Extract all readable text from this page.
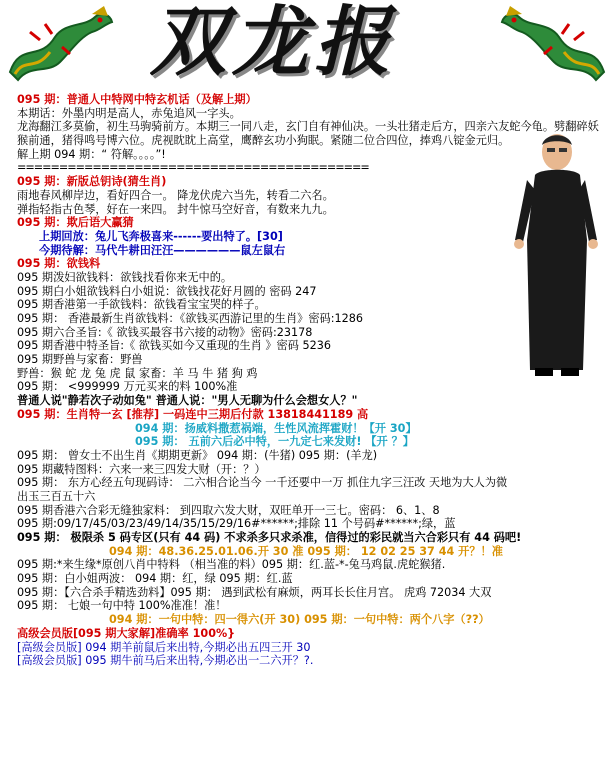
双龙报
095 期：普通人中特网中特玄机话（及解上期）
本期话：外墨内明是高人，赤兔追风一字头。
龙海翻江多莫偷，初生马驹骑前方。本期三一同八走，玄门自有神仙决。一头壮猪走后方，四亲六友蛇今龟。劈翻碎妖猴前通，猪得鸣号博六位。虎视眈眈上高堂，鹰醉玄功小狗眠。紧随二位合四位，捧鸡八锭金元归。
解上期 094 期：“ 符解。。。。”!
==========================================
095 期：新版总钥诗(猜生肖)
雨地春风柳岸边，看好四合一。 降龙伏虎六当先，转看二六名。
弹指轻指古色琴，好在一来四。 封牛惊马空好音，有数来九九。
095 期：欺后语大赢猜
上期回放：兔儿飞奔极喜来------要出特了。[30]
今期待解：马代牛耕田汪汪——————鼠左鼠右
095 期：欲钱料
095 期泼妇欲钱料：欲钱找看你来无中的。
095 期白小姐欲钱料白小姐说：欲钱找花好月圆的 密码 247
095 期香港第一手欲钱料：欲钱看宝宝哭的样子。
095 期： 香港最新生肖欲钱料：《欲钱买西游记里的生肖》密码:1286
095 期六合圣旨:《 欲钱买最容书六接的动物》密码:23178
095 期香港中特圣旨:《 欲钱买如今又重现的生肖 》密码 5236
095 期野兽与家畜：野兽
野兽：猴 蛇 龙 兔 虎 鼠 家畜：羊 马 牛 猪 狗 鸡
095 期： <999999 万元买来的料 100%准
普通人说"静若次子动如兔" 普通人说："男人无聊为什么会想女人？"
095 期：生肖特一玄 [推荐] 一码连中三期后付款 13818441189 高
094 期：扬威料撒惹祸端，生性风流挥霍财！【开 30】
095 期： 五前六后必中特，一九定七来发财! 【开 ？】
095 期： 曾女士不出生肖《期期更新》 094 期：(牛猪) 095 期：(羊龙)
095 期藏特图料：六来一来三四发大财（开：？）
095 期： 东方心经五句现码诗： 二六相合论当今 一千还要中一万 抓住九字三汪改 天地为大人为微
出玉三百五十六
095 期香港六合彩无缝独家料： 到四取六发大财，双旺单开一三七。密码： 6、1、8
095 期:09/17/45/03/23/49/14/35/15/29/16#******;排除 11 个号码#******;绿，蓝
095 期： 极限杀 5 码专区(只有 44 码) 不求杀多只求杀准，信得过的彩民就当六合彩只有 44 码吧!
094 期：48.36.25.01.06.开 30 准 095 期： 12 02 25 37 44 开？！准
095 期:*来生缘*原创八肖中特料 （相当准的料）095 期：红.蓝-*-兔马鸡鼠.虎蛇猴猪.
095 期：白小姐两波： 094 期：红，绿 095 期：红.蓝
095 期：【六合杀手精选劲料】095 期： 遇到武松有麻烦，两耳长长住月宫。 虎鸡 72034 大双
095 期： 七娘一句中特 100%准准！准！
094 期：一句中特：四一得六(开 30) 095 期：一句中特：两个八字（??）
高级会员版[095 期大家解]准确率 100%}
[高级会员版] 094 期羊前鼠后来出特,今期必出五四三开 30
[高级会员版] 095 期牛前马后来出特,今期必出一二六开？?.
